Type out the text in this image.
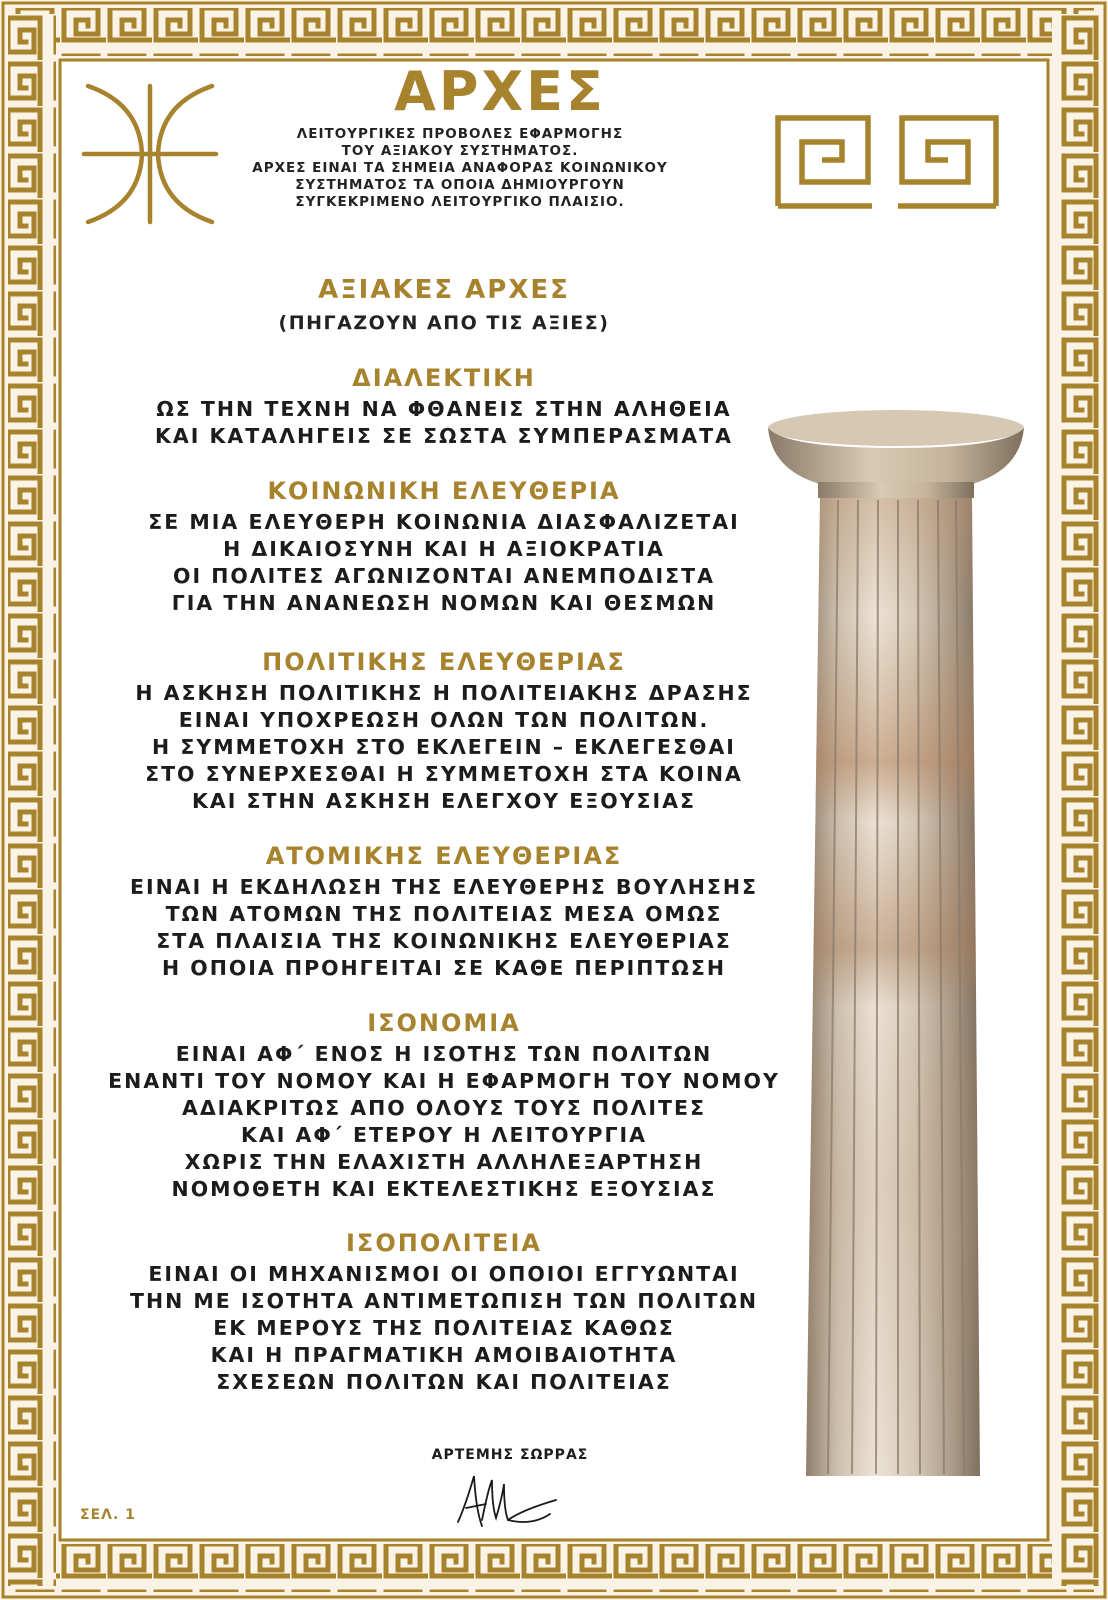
ΑΡΧΕΣ
ΛΕΙΤΟΥΡΓΙΚΕΣ ΠΡΟΒΟΛΕΣ ΕΦΑΡΜΟΓΗΣ
ΤΟΥ ΑΞΙΑΚΟΥ ΣΥΣΤΗΜΑΤΟΣ.
ΑΡΧΕΣ ΕΙΝΑΙ ΤΑ ΣΗΜΕΙΑ ΑΝΑΦΟΡΑΣ ΚΟΙΝΩΝΙΚΟΥ
ΣΥΣΤΗΜΑΤΟΣ ΤΑ ΟΠΟΙΑ ΔΗΜΙΟΥΡΓΟΥΝ
ΣΥΓΚΕΚΡΙΜΕΝΟ ΛΕΙΤΟΥΡΓΙΚΟ ΠΛΑΙΣΙΟ.
ΑΞΙΑΚΕΣ ΑΡΧΕΣ
(ΠΗΓΑΖΟΥΝ ΑΠΟ ΤΙΣ ΑΞΙΕΣ)
ΔΙΑΛΕΚΤΙΚΗ
ΩΣ ΤΗΝ ΤΕΧΝΗ ΝΑ ΦΘΑΝΕΙΣ ΣΤΗΝ ΑΛΗΘΕΙΑ
ΚΑΙ ΚΑΤΑΛΗΓΕΙΣ ΣΕ ΣΩΣΤΑ ΣΥΜΠΕΡΑΣΜΑΤΑ
ΚΟΙΝΩΝΙΚΗ ΕΛΕΥΘΕΡΙΑ
ΣΕ ΜΙΑ ΕΛΕΥΘΕΡΗ ΚΟΙΝΩΝΙΑ ΔΙΑΣΦΑΛΙΖΕΤΑΙ
Η ΔΙΚΑΙΟΣΥΝΗ ΚΑΙ Η ΑΞΙΟΚΡΑΤΙΑ
ΟΙ ΠΟΛΙΤΕΣ ΑΓΩΝΙΖΟΝΤΑΙ ΑΝΕΜΠΟΔΙΣΤΑ
ΓΙΑ ΤΗΝ ΑΝΑΝΕΩΣΗ ΝΟΜΩΝ ΚΑΙ ΘΕΣΜΩΝ
ΠΟΛΙΤΙΚΗΣ ΕΛΕΥΘΕΡΙΑΣ
Η ΑΣΚΗΣΗ ΠΟΛΙΤΙΚΗΣ Η ΠΟΛΙΤΕΙΑΚΗΣ ΔΡΑΣΗΣ
ΕΙΝΑΙ ΥΠΟΧΡΕΩΣΗ ΟΛΩΝ ΤΩΝ ΠΟΛΙΤΩΝ.
Η ΣΥΜΜΕΤΟΧΗ ΣΤΟ ΕΚΛΕΓΕΙΝ – ΕΚΛΕΓΕΣΘΑΙ
ΣΤΟ ΣΥΝΕΡΧΕΣΘΑΙ Η ΣΥΜΜΕΤΟΧΗ ΣΤΑ ΚΟΙΝΑ
ΚΑΙ ΣΤΗΝ ΑΣΚΗΣΗ ΕΛΕΓΧΟΥ ΕΞΟΥΣΙΑΣ
ΑΤΟΜΙΚΗΣ ΕΛΕΥΘΕΡΙΑΣ
ΕΙΝΑΙ Η ΕΚΔΗΛΩΣΗ ΤΗΣ ΕΛΕΥΘΕΡΗΣ ΒΟΥΛΗΣΗΣ
ΤΩΝ ΑΤΟΜΩΝ ΤΗΣ ΠΟΛΙΤΕΙΑΣ ΜΕΣΑ ΟΜΩΣ
ΣΤΑ ΠΛΑΙΣΙΑ ΤΗΣ ΚΟΙΝΩΝΙΚΗΣ ΕΛΕΥΘΕΡΙΑΣ
Η ΟΠΟΙΑ ΠΡΟΗΓΕΙΤΑΙ ΣΕ ΚΑΘΕ ΠΕΡΙΠΤΩΣΗ
ΙΣΟΝΟΜΙΑ
ΕΙΝΑΙ ΑΦ΄ ΕΝΟΣ Η ΙΣΟΤΗΣ ΤΩΝ ΠΟΛΙΤΩΝ
ΕΝΑΝΤΙ ΤΟΥ ΝΟΜΟΥ ΚΑΙ Η ΕΦΑΡΜΟΓΗ ΤΟΥ ΝΟΜΟΥ
ΑΔΙΑΚΡΙΤΩΣ ΑΠΟ ΟΛΟΥΣ ΤΟΥΣ ΠΟΛΙΤΕΣ
ΚΑΙ ΑΦ΄ ΕΤΕΡΟΥ Η ΛΕΙΤΟΥΡΓΙΑ
ΧΩΡΙΣ ΤΗΝ ΕΛΑΧΙΣΤΗ ΑΛΛΗΛΕΞΑΡΤΗΣΗ
ΝΟΜΟΘΕΤΗ ΚΑΙ ΕΚΤΕΛΕΣΤΙΚΗΣ ΕΞΟΥΣΙΑΣ
ΙΣΟΠΟΛΙΤΕΙΑ
ΕΙΝΑΙ ΟΙ ΜΗΧΑΝΙΣΜΟΙ ΟΙ ΟΠΟΙΟΙ ΕΓΓΥΩΝΤΑΙ
ΤΗΝ ΜΕ ΙΣΟΤΗΤΑ ΑΝΤΙΜΕΤΩΠΙΣΗ ΤΩΝ ΠΟΛΙΤΩΝ
ΕΚ ΜΕΡΟΥΣ ΤΗΣ ΠΟΛΙΤΕΙΑΣ ΚΑΘΩΣ
ΚΑΙ Η ΠΡΑΓΜΑΤΙΚΗ ΑΜΟΙΒΑΙΟΤΗΤΑ
ΣΧΕΣΕΩΝ ΠΟΛΙΤΩΝ ΚΑΙ ΠΟΛΙΤΕΙΑΣ
ΑΡΤΕΜΗΣ ΣΩΡΡΑΣ
ΣΕΛ. 1
